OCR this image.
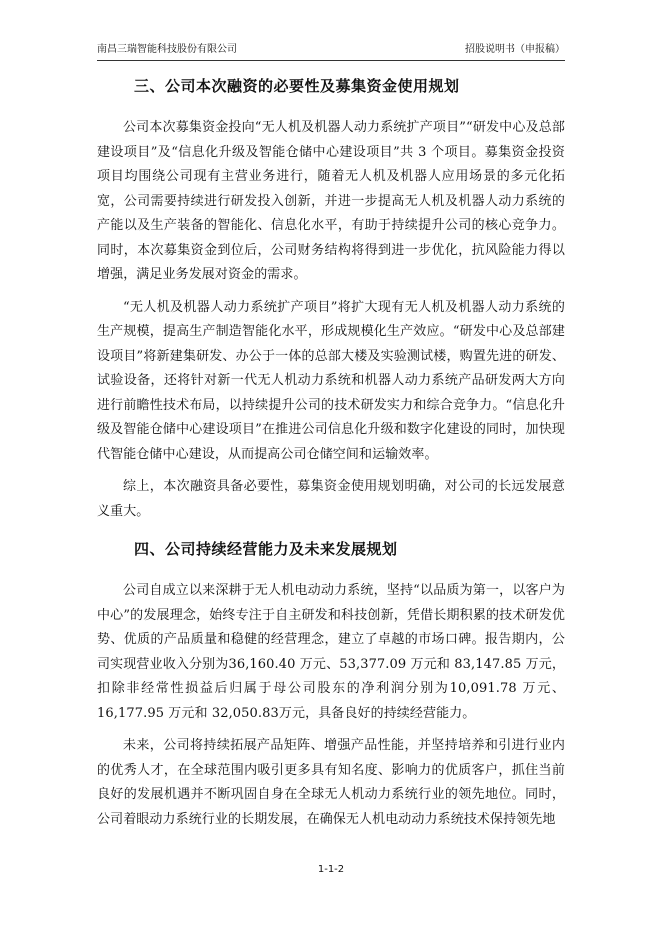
南昌三瑞智能科技股份有限公司	招股说明书（申报稿）
三、公司本次融资的必要性及募集资金使用规划

公司本次募集资金投向“无人机及机器人动力系统扩产项目”“研发中心及总部建设项目”及“信息化升级及智能仓储中心建设项目”共 3 个项目。募集资金投资项目均围绕公司现有主营业务进行，随着无人机及机器人应用场景的多元化拓宽，公司需要持续进行研发投入创新，并进一步提高无人机及机器人动力系统的产能以及生产装备的智能化、信息化水平，有助于持续提升公司的核心竞争力。同时，本次募集资金到位后，公司财务结构将得到进一步优化，抗风险能力得以增强，满足业务发展对资金的需求。

“无人机及机器人动力系统扩产项目”将扩大现有无人机及机器人动力系统的生产规模，提高生产制造智能化水平，形成规模化生产效应。“研发中心及总部建设项目”将新建集研发、办公于一体的总部大楼及实验测试楼，购置先进的研发、试验设备，还将针对新一代无人机动力系统和机器人动力系统产品研发两大方向进行前瞻性技术布局，以持续提升公司的技术研发实力和综合竞争力。“信息化升级及智能仓储中心建设项目”在推进公司信息化升级和数字化建设的同时，加快现代智能仓储中心建设，从而提高公司仓储空间和运输效率。

综上，本次融资具备必要性，募集资金使用规划明确，对公司的长远发展意义重大。

四、公司持续经营能力及未来发展规划

公司自成立以来深耕于无人机电动动力系统，坚持“以品质为第一，以客户为中心”的发展理念，始终专注于自主研发和科技创新，凭借长期积累的技术研发优势、优质的产品质量和稳健的经营理念，建立了卓越的市场口碑。报告期内，公司实现营业收入分别为36,160.40 万元、53,377.09 万元和 83,147.85 万元，扣除非经常性损益后归属于母公司股东的净利润分别为10,091.78 万元、16,177.95 万元和 32,050.83万元，具备良好的持续经营能力。

未来，公司将持续拓展产品矩阵、增强产品性能，并坚持培养和引进行业内的优秀人才，在全球范围内吸引更多具有知名度、影响力的优质客户，抓住当前良好的发展机遇并不断巩固自身在全球无人机动力系统行业的领先地位。同时，公司着眼动力系统行业的长期发展，在确保无人机电动动力系统技术保持领先地

1-1-2
